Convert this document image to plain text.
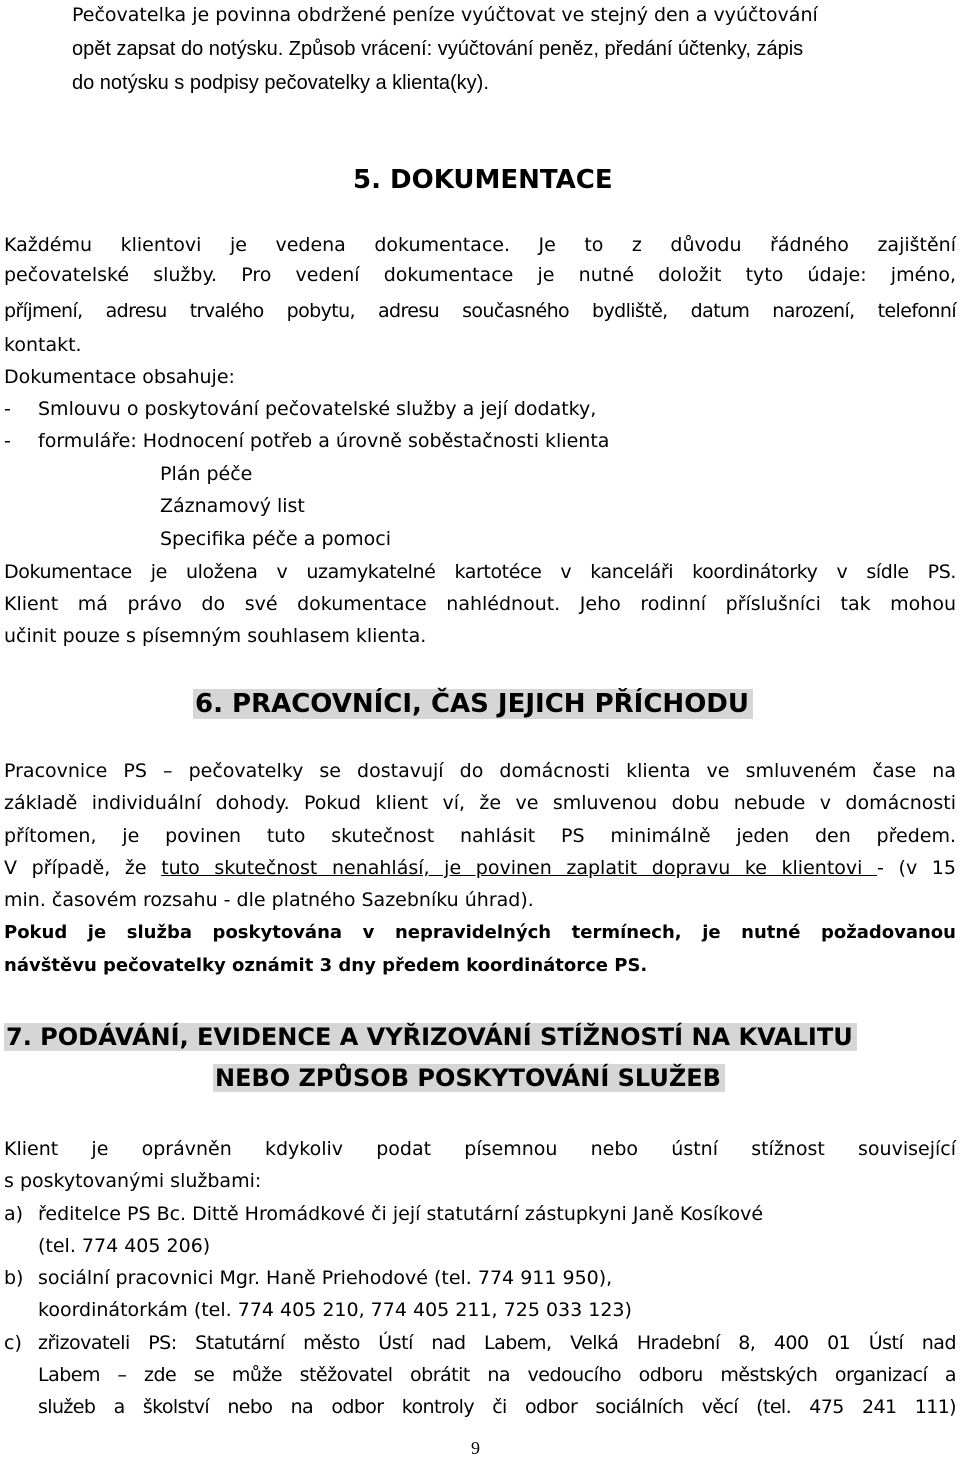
Pečovatelka je povinna obdržené peníze vyúčtovat ve stejný den a vyúčtování
opět zapsat do notýsku. Způsob vrácení: vyúčtování peněz, předání účtenky, zápis
do notýsku s podpisy pečovatelky a klienta(ky).
5. DOKUMENTACE
Každému klientovi je vedena dokumentace. Je to z důvodu řádného zajištění
pečovatelské služby. Pro vedení dokumentace je nutné doložit tyto údaje: jméno,
příjmení, adresu trvalého pobytu, adresu současného bydliště, datum narození, telefonní
kontakt.
Dokumentace obsahuje:
- Smlouvu o poskytování pečovatelské služby a její dodatky,
- formuláře: Hodnocení potřeb a úrovně soběstačnosti klienta
Plán péče
Záznamový list
Specifika péče a pomoci
Dokumentace je uložena v uzamykatelné kartotéce v kanceláři koordinátorky v sídle PS.
Klient má právo do své dokumentace nahlédnout. Jeho rodinní příslušníci tak mohou
učinit pouze s písemným souhlasem klienta.
6. PRACOVNÍCI, ČAS JEJICH PŘÍCHODU
Pracovnice PS – pečovatelky se dostavují do domácnosti klienta ve smluveném čase na
základě individuální dohody. Pokud klient ví, že ve smluvenou dobu nebude v domácnosti
přítomen, je povinen tuto skutečnost nahlásit PS minimálně jeden den předem.
V případě, že tuto skutečnost nenahlásí, je povinen zaplatit dopravu ke klientovi - (v 15
min. časovém rozsahu - dle platného Sazebníku úhrad).
Pokud je služba poskytována v nepravidelných termínech, je nutné požadovanou
návštěvu pečovatelky oznámit 3 dny předem koordinátorce PS.
7. PODÁVÁNÍ, EVIDENCE A VYŘIZOVÁNÍ STÍŽNOSTÍ NA KVALITU
NEBO ZPŮSOB POSKYTOVÁNÍ SLUŽEB
Klient je oprávněn kdykoliv podat písemnou nebo ústní stížnost související
s poskytovanými službami:
a) ředitelce PS Bc. Dittě Hromádkové či její statutární zástupkyni Janě Kosíkové
(tel. 774 405 206)
b) sociální pracovnici Mgr. Haně Priehodové (tel. 774 911 950),
koordinátorkám (tel. 774 405 210, 774 405 211, 725 033 123)
c) zřizovateli PS: Statutární město Ústí nad Labem, Velká Hradební 8, 400 01 Ústí nad
Labem – zde se může stěžovatel obrátit na vedoucího odboru městských organizací a
služeb a školství nebo na odbor kontroly či odbor sociálních věcí (tel. 475 241 111)
9
